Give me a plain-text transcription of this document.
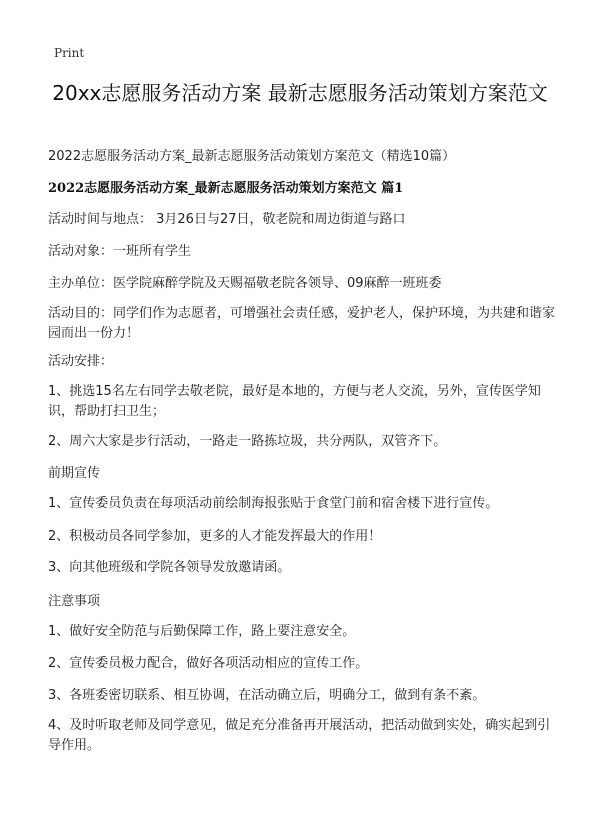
Print
20xx志愿服务活动方案 最新志愿服务活动策划方案范文
2022志愿服务活动方案_最新志愿服务活动策划方案范文（精选10篇）
2022志愿服务活动方案_最新志愿服务活动策划方案范文 篇1
活动时间与地点： 3月26日与27日，敬老院和周边街道与路口
活动对象：一班所有学生
主办单位：医学院麻醉学院及天赐福敬老院各领导、09麻醉一班班委
活动目的：同学们作为志愿者，可增强社会责任感，爱护老人，保护环境，为共建和谐家园而出一份力！
活动安排：
1、挑选15名左右同学去敬老院，最好是本地的，方便与老人交流，另外，宣传医学知识，帮助打扫卫生；
2、周六大家是步行活动，一路走一路拣垃圾，共分两队，双管齐下。
前期宣传
1、宣传委员负责在每项活动前绘制海报张贴于食堂门前和宿舍楼下进行宣传。
2、积极动员各同学参加，更多的人才能发挥最大的作用！
3、向其他班级和学院各领导发放邀请函。
注意事项
1、做好安全防范与后勤保障工作，路上要注意安全。
2、宣传委员极力配合，做好各项活动相应的宣传工作。
3、各班委密切联系、相互协调，在活动确立后，明确分工，做到有条不紊。
4、及时听取老师及同学意见，做足充分准备再开展活动，把活动做到实处，确实起到引导作用。
